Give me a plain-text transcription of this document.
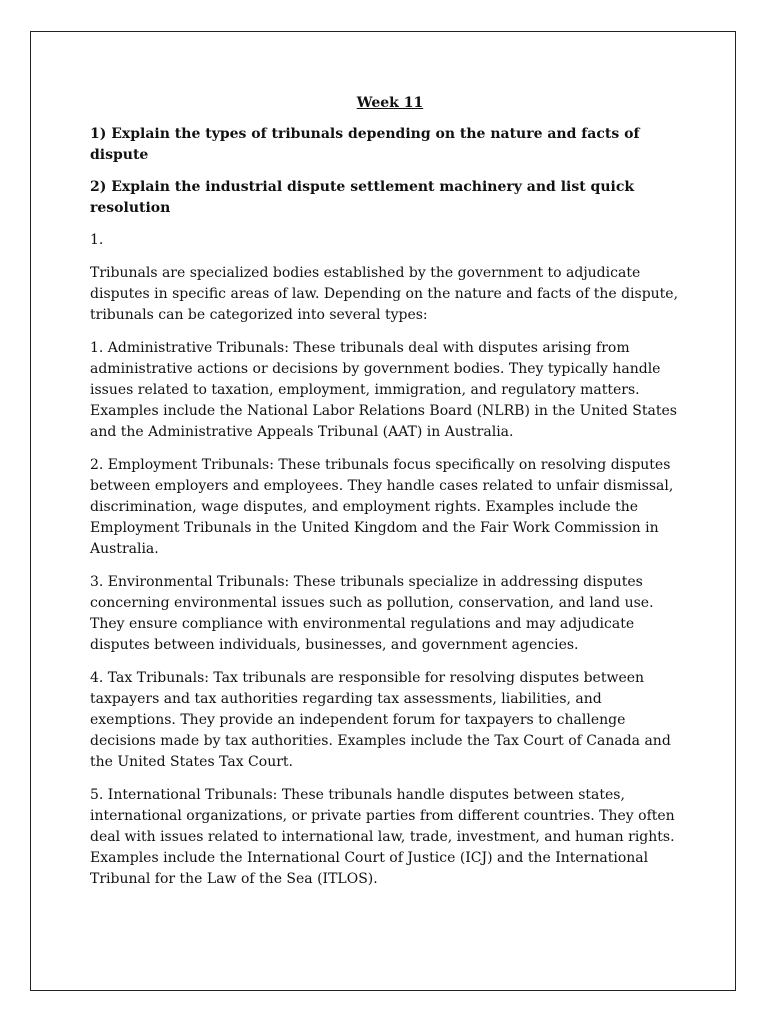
Week 11

1) Explain the types of tribunals depending on the nature and facts of dispute

2) Explain the industrial dispute settlement machinery and list quick resolution

1.

Tribunals are specialized bodies established by the government to adjudicate disputes in specific areas of law. Depending on the nature and facts of the dispute, tribunals can be categorized into several types:

1. Administrative Tribunals: These tribunals deal with disputes arising from administrative actions or decisions by government bodies. They typically handle issues related to taxation, employment, immigration, and regulatory matters. Examples include the National Labor Relations Board (NLRB) in the United States and the Administrative Appeals Tribunal (AAT) in Australia.

2. Employment Tribunals: These tribunals focus specifically on resolving disputes between employers and employees. They handle cases related to unfair dismissal, discrimination, wage disputes, and employment rights. Examples include the Employment Tribunals in the United Kingdom and the Fair Work Commission in Australia.

3. Environmental Tribunals: These tribunals specialize in addressing disputes concerning environmental issues such as pollution, conservation, and land use. They ensure compliance with environmental regulations and may adjudicate disputes between individuals, businesses, and government agencies.

4. Tax Tribunals: Tax tribunals are responsible for resolving disputes between taxpayers and tax authorities regarding tax assessments, liabilities, and exemptions. They provide an independent forum for taxpayers to challenge decisions made by tax authorities. Examples include the Tax Court of Canada and the United States Tax Court.

5. International Tribunals: These tribunals handle disputes between states, international organizations, or private parties from different countries. They often deal with issues related to international law, trade, investment, and human rights. Examples include the International Court of Justice (ICJ) and the International Tribunal for the Law of the Sea (ITLOS).
